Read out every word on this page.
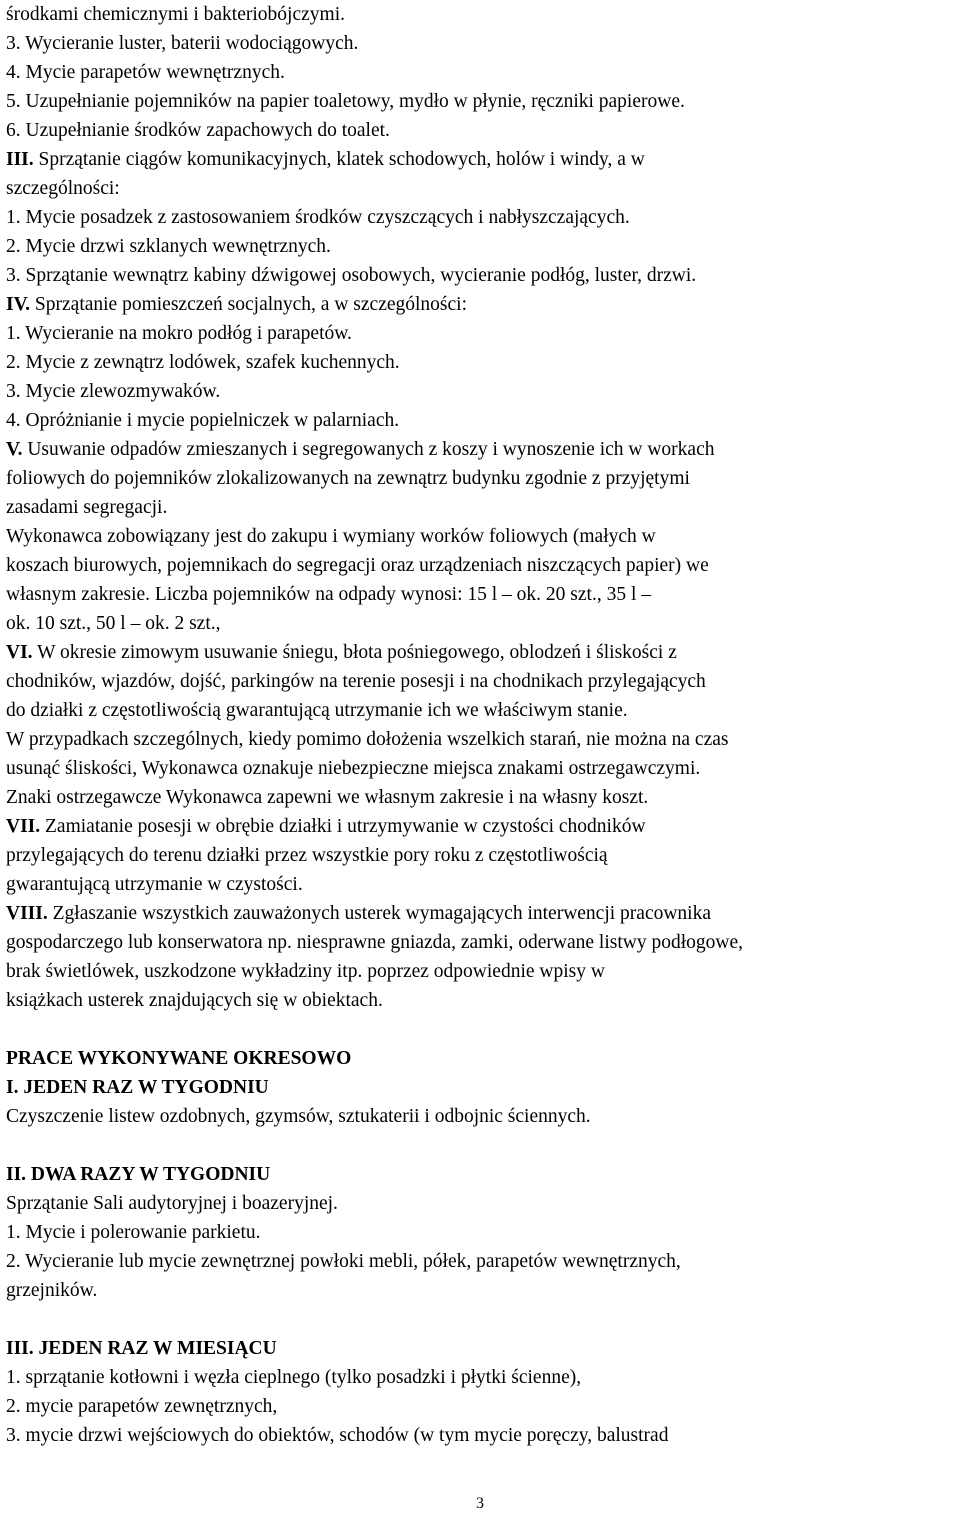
środkami chemicznymi i bakteriobójczymi.
3. Wycieranie luster, baterii wodociągowych.
4. Mycie parapetów wewnętrznych.
5. Uzupełnianie pojemników na papier toaletowy, mydło w płynie, ręczniki papierowe.
6. Uzupełnianie środków zapachowych do toalet.
III. Sprzątanie ciągów komunikacyjnych, klatek schodowych, holów i windy, a w
szczególności:
1. Mycie posadzek z zastosowaniem środków czyszczących i nabłyszczających.
2. Mycie drzwi szklanych wewnętrznych.
3. Sprzątanie wewnątrz kabiny dźwigowej osobowych, wycieranie podłóg, luster, drzwi.
IV. Sprzątanie pomieszczeń socjalnych, a w szczególności:
1. Wycieranie na mokro podłóg i parapetów.
2. Mycie z zewnątrz lodówek, szafek kuchennych.
3. Mycie zlewozmywaków.
4. Opróżnianie i mycie popielniczek w palarniach.
V. Usuwanie odpadów zmieszanych i segregowanych z koszy i wynoszenie ich w workach
foliowych do pojemników zlokalizowanych na zewnątrz budynku zgodnie z przyjętymi
zasadami segregacji.
Wykonawca zobowiązany jest do zakupu i wymiany worków foliowych (małych w
koszach biurowych, pojemnikach do segregacji oraz urządzeniach niszczących papier) we
własnym zakresie. Liczba pojemników na odpady wynosi: 15 l – ok. 20 szt., 35 l –
ok. 10 szt., 50 l – ok. 2 szt.,
VI. W okresie zimowym usuwanie śniegu, błota pośniegowego, oblodzeń i śliskości z
chodników, wjazdów, dojść, parkingów na terenie posesji i na chodnikach przylegających
do działki z częstotliwością gwarantującą utrzymanie ich we właściwym stanie.
W przypadkach szczególnych, kiedy pomimo dołożenia wszelkich starań, nie można na czas
usunąć śliskości, Wykonawca oznakuje niebezpieczne miejsca znakami ostrzegawczymi.
Znaki ostrzegawcze Wykonawca zapewni we własnym zakresie i na własny koszt.
VII. Zamiatanie posesji w obrębie działki i utrzymywanie w czystości chodników
przylegających do terenu działki przez wszystkie pory roku z częstotliwością
gwarantującą utrzymanie w czystości.
VIII. Zgłaszanie wszystkich zauważonych usterek wymagających interwencji pracownika
gospodarczego lub konserwatora np. niesprawne gniazda, zamki, oderwane listwy podłogowe,
brak świetlówek, uszkodzone wykładziny itp. poprzez odpowiednie wpisy w
książkach usterek znajdujących się w obiektach.
PRACE WYKONYWANE OKRESOWO
I. JEDEN RAZ W TYGODNIU
Czyszczenie listew ozdobnych, gzymsów, sztukaterii i odbojnic ściennych.
II. DWA RAZY W TYGODNIU
Sprzątanie Sali audytoryjnej i boazeryjnej.
1. Mycie i polerowanie parkietu.
2. Wycieranie lub mycie zewnętrznej powłoki mebli, półek, parapetów wewnętrznych,
grzejników.
III. JEDEN RAZ W MIESIĄCU
1. sprzątanie kotłowni i węzła cieplnego (tylko posadzki i płytki ścienne),
2. mycie parapetów zewnętrznych,
3. mycie drzwi wejściowych do obiektów, schodów (w tym mycie poręczy, balustrad
3
